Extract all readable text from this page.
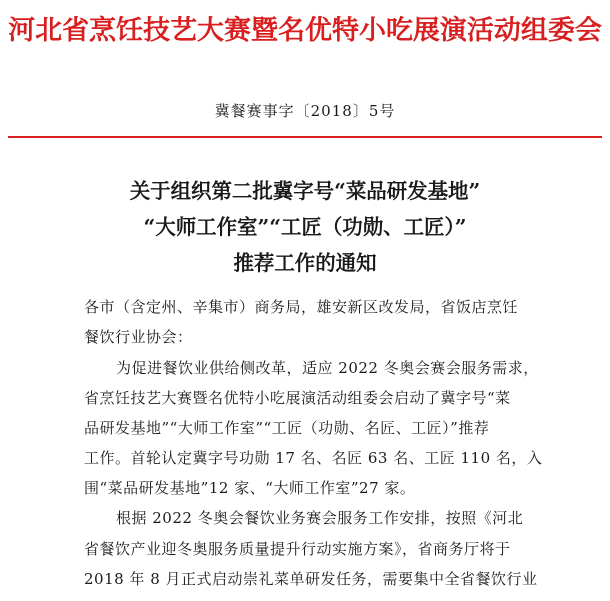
河北省烹饪技艺大赛暨名优特小吃展演活动组委会
冀餐赛事字〔2018〕5号
关于组织第二批冀字号“菜品研发基地”
“大师工作室”“工匠（功勋、工匠）”
推荐工作的通知
各市（含定州、辛集市）商务局，雄安新区改发局，省饭店烹饪
餐饮行业协会：
为促进餐饮业供给侧改革，适应 2022 冬奥会赛会服务需求，
省烹饪技艺大赛暨名优特小吃展演活动组委会启动了冀字号“菜
品研发基地”“大师工作室”“工匠（功勋、名匠、工匠）”推荐
工作。首轮认定冀字号功勋 17 名、名匠 63 名、工匠 110 名，入
围“菜品研发基地”12 家、“大师工作室”27 家。
根据 2022 冬奥会餐饮业务赛会服务工作安排，按照《河北
省餐饮产业迎冬奥服务质量提升行动实施方案》，省商务厅将于
2018 年 8 月正式启动崇礼菜单研发任务，需要集中全省餐饮行业
